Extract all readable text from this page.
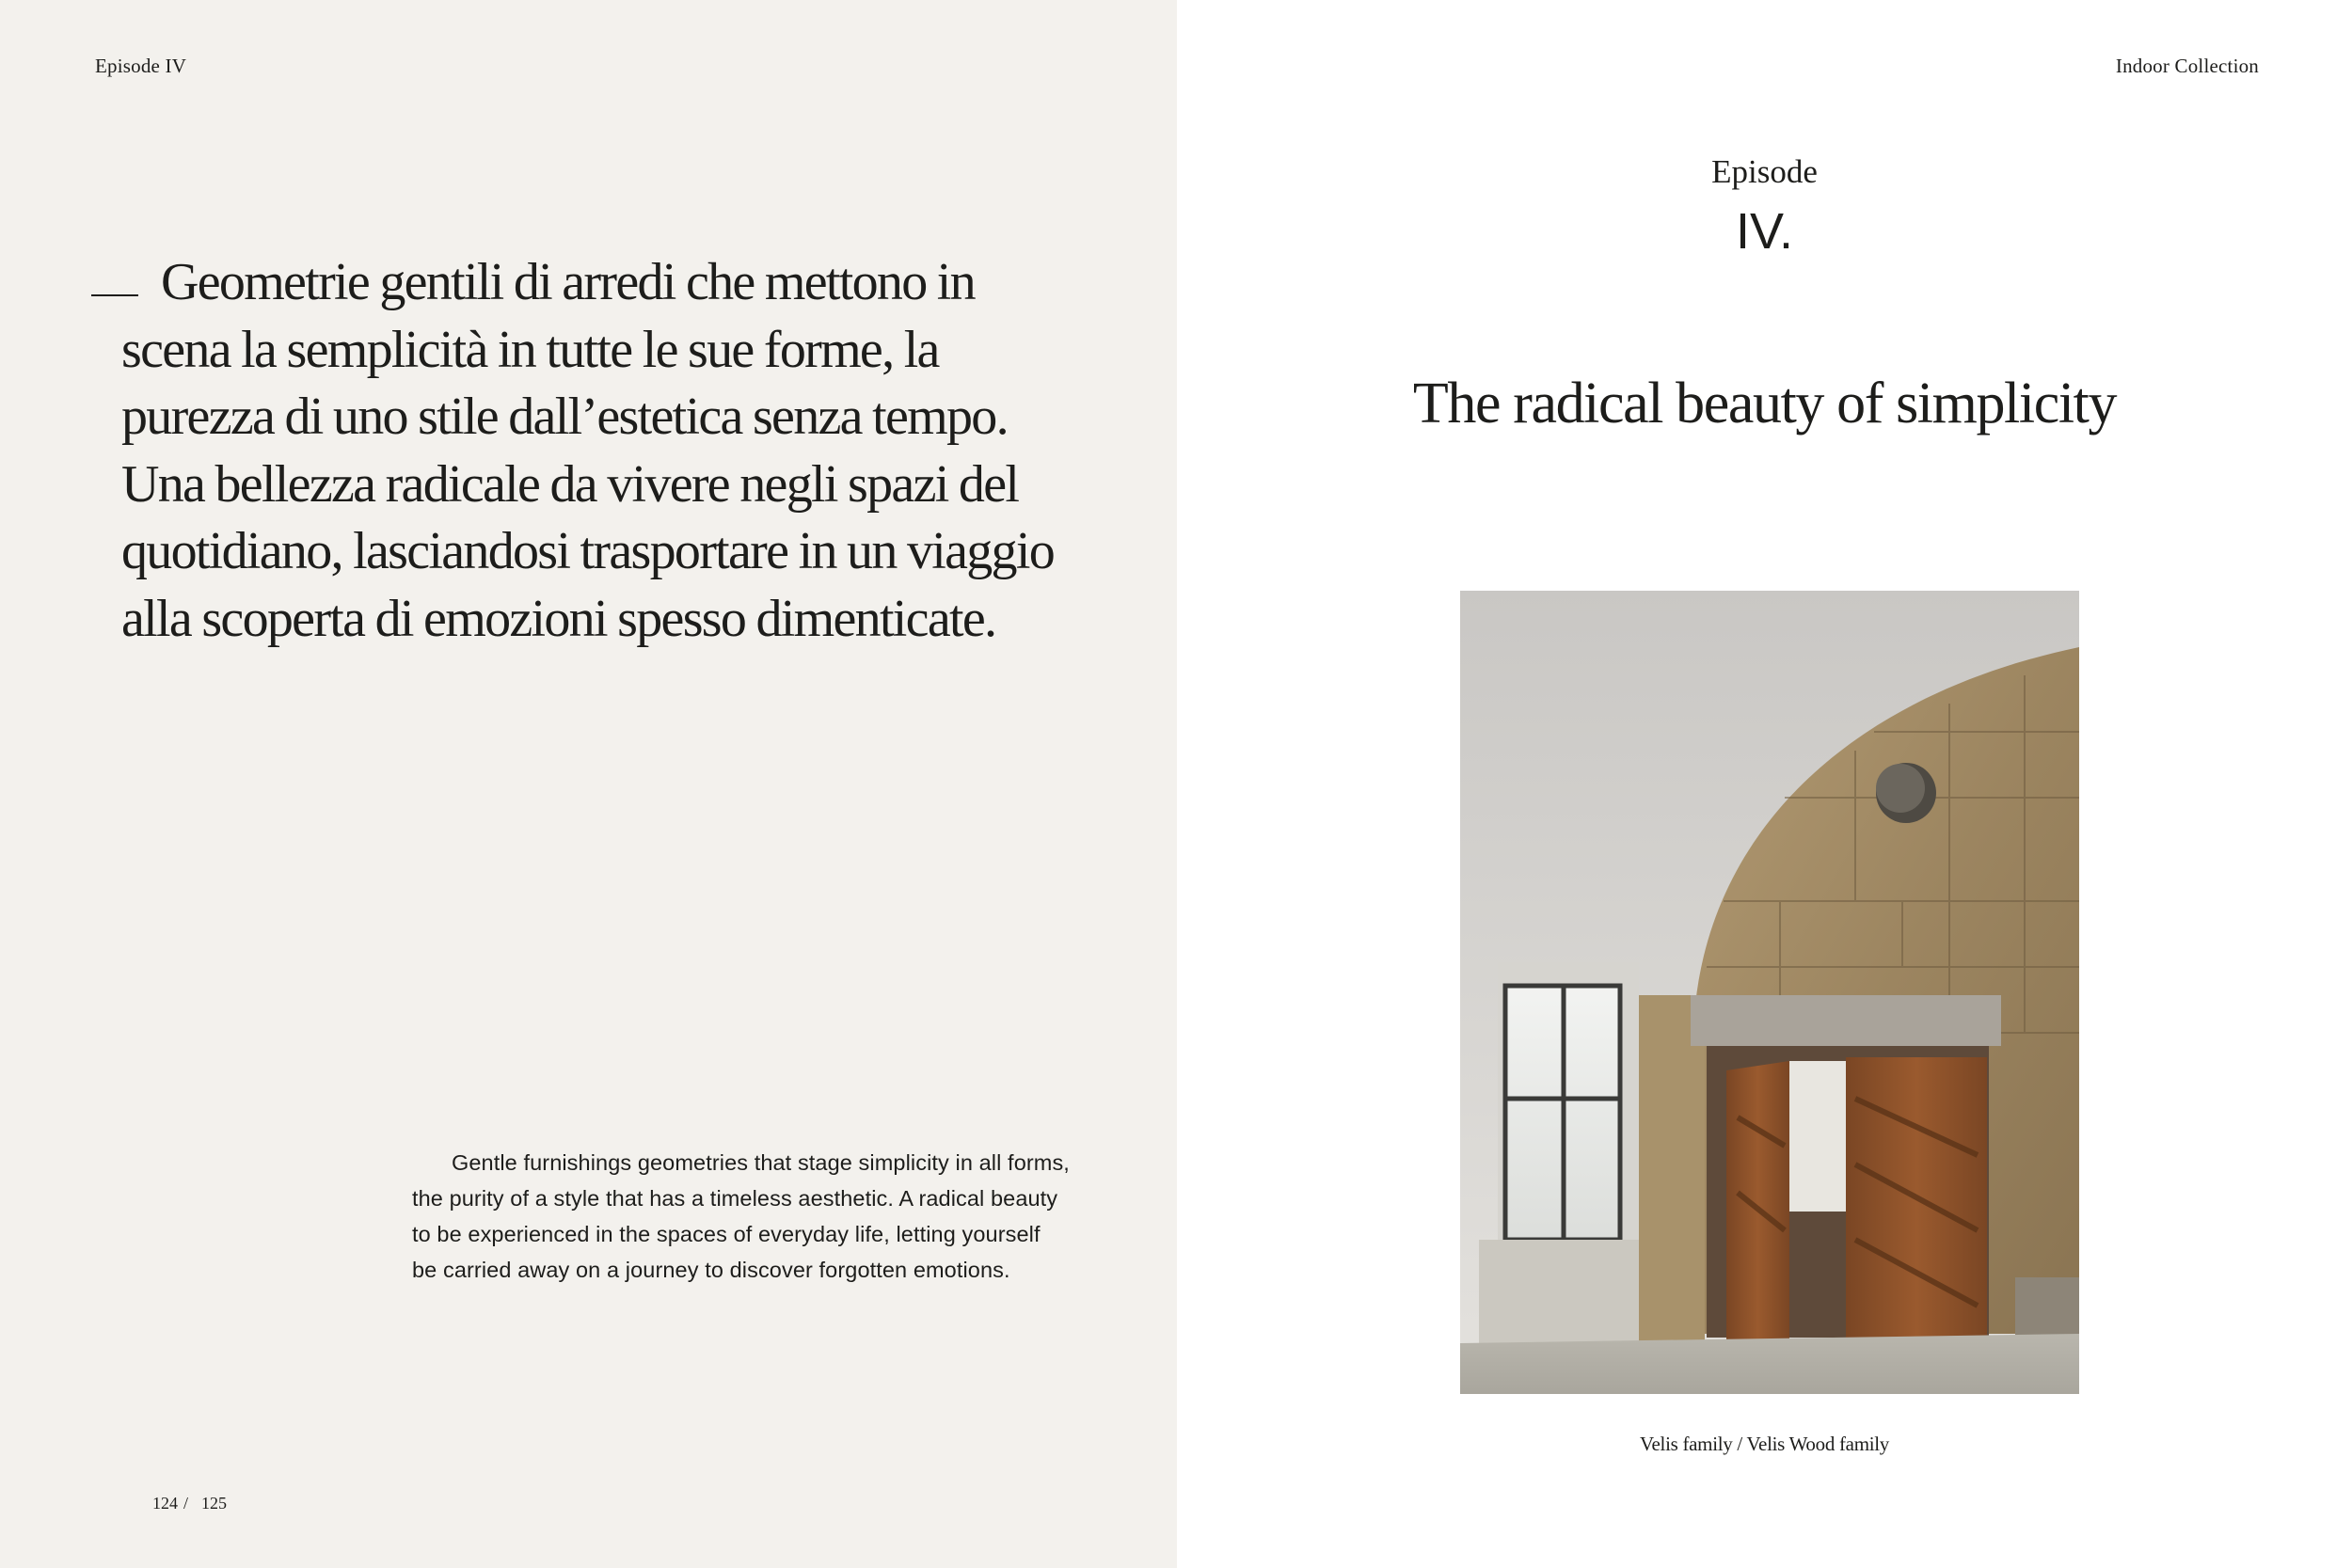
Episode IV

Geometrie gentili di arredi che mettono in scena la semplicità in tutte le sue forme, la purezza di uno stile dall’estetica senza tempo. Una bellezza radicale da vivere negli spazi del quotidiano, lasciandosi trasportare in un viaggio alla scoperta di emozioni spesso dimenticate.

Gentle furnishings geometries that stage simplicity in all forms, the purity of a style that has a timeless aesthetic. A radical beauty to be experienced in the spaces of everyday life, letting yourself be carried away on a journey to discover forgotten emotions.

124 / 125
Indoor Collection
Episode
IV.
The radical beauty of simplicity
Velis family / Velis Wood family
